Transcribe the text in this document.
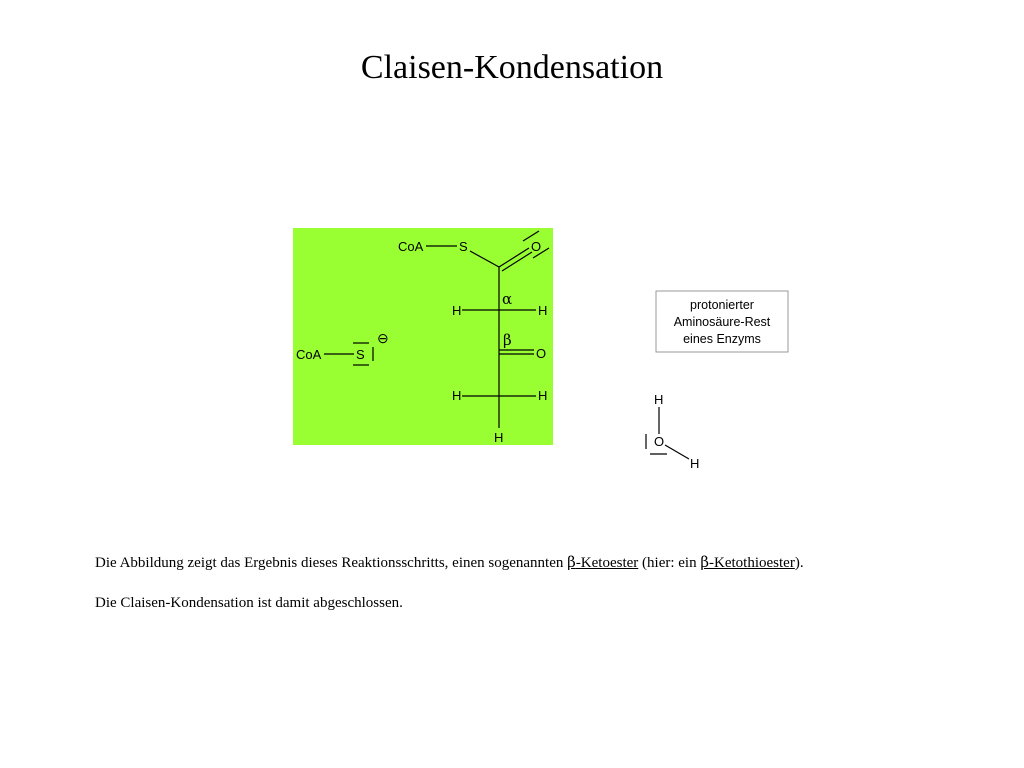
Claisen-Kondensation
CoA	S	O
α
H	H
β
O
H	H
H
CoA	S
⊖
protonierter
Aminosäure-Rest
eines Enzyms
H
O
H
Die Abbildung zeigt das Ergebnis dieses Reaktionsschritts, einen sogenannten β-Ketoester (hier: ein β-Ketothioester).
Die Claisen-Kondensation ist damit abgeschlossen.
